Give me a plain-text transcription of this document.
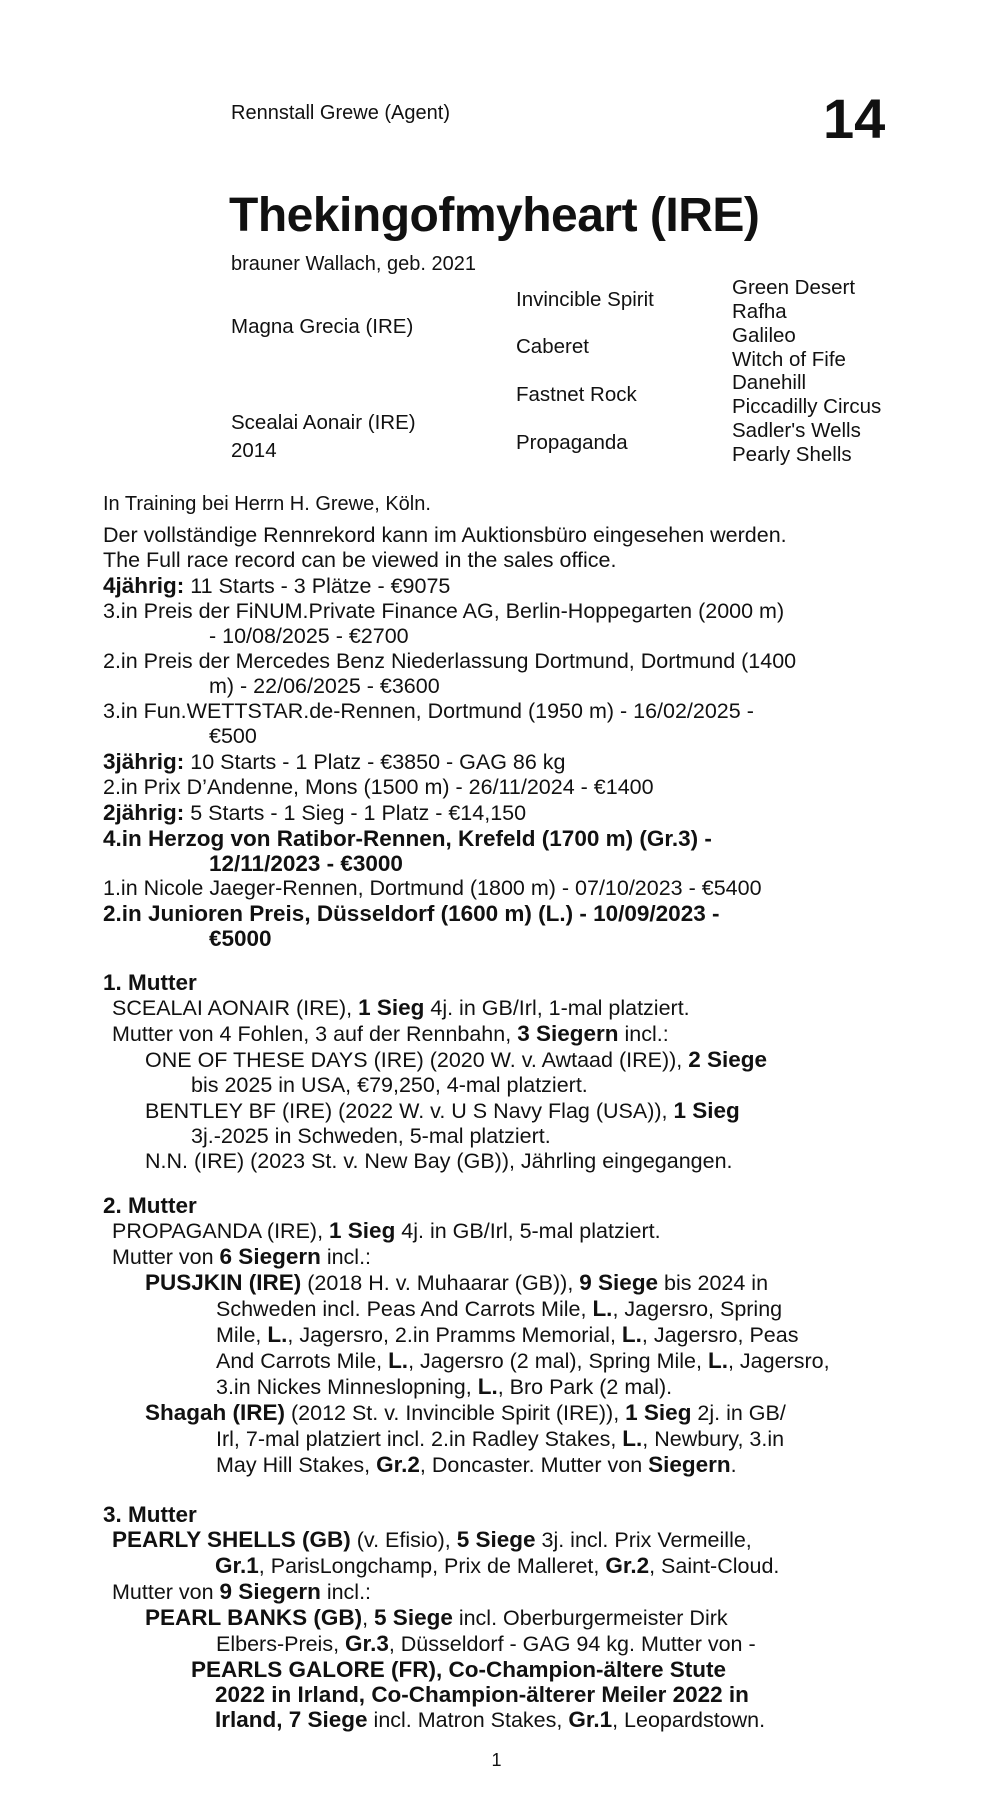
Rennstall Grewe (Agent)	14
Thekingofmyheart (IRE)
brauner Wallach, geb. 2021
Magna Grecia (IRE)
Scealai Aonair (IRE)
2014
Invincible Spirit
Caberet
Fastnet Rock
Propaganda
Green Desert
Rafha
Galileo
Witch of Fife
Danehill
Piccadilly Circus
Sadler's Wells
Pearly Shells
In Training bei Herrn H. Grewe, Köln.
Der vollständige Rennrekord kann im Auktionsbüro eingesehen werden.
The Full race record can be viewed in the sales office.
4jährig: 11 Starts - 3 Plätze - €9075
3.in Preis der FiNUM.Private Finance AG, Berlin-Hoppegarten (2000 m)
- 10/08/2025 - €2700
2.in Preis der Mercedes Benz Niederlassung Dortmund, Dortmund (1400
m) - 22/06/2025 - €3600
3.in Fun.WETTSTAR.de-Rennen, Dortmund (1950 m) - 16/02/2025 -
€500
3jährig: 10 Starts - 1 Platz - €3850 - GAG 86 kg
2.in Prix D’Andenne, Mons (1500 m) - 26/11/2024 - €1400
2jährig: 5 Starts - 1 Sieg - 1 Platz - €14,150
4.in Herzog von Ratibor-Rennen, Krefeld (1700 m) (Gr.3) -
12/11/2023 - €3000
1.in Nicole Jaeger-Rennen, Dortmund (1800 m) - 07/10/2023 - €5400
2.in Junioren Preis, Düsseldorf (1600 m) (L.) - 10/09/2023 -
€5000
1. Mutter
SCEALAI AONAIR (IRE), 1 Sieg 4j. in GB/Irl, 1-mal platziert.
Mutter von 4 Fohlen, 3 auf der Rennbahn, 3 Siegern incl.:
ONE OF THESE DAYS (IRE) (2020 W. v. Awtaad (IRE)), 2 Siege
bis 2025 in USA, €79,250, 4-mal platziert.
BENTLEY BF (IRE) (2022 W. v. U S Navy Flag (USA)), 1 Sieg
3j.-2025 in Schweden, 5-mal platziert.
N.N. (IRE) (2023 St. v. New Bay (GB)), Jährling eingegangen.
2. Mutter
PROPAGANDA (IRE), 1 Sieg 4j. in GB/Irl, 5-mal platziert.
Mutter von 6 Siegern incl.:
PUSJKIN (IRE) (2018 H. v. Muhaarar (GB)), 9 Siege bis 2024 in
Schweden incl. Peas And Carrots Mile, L., Jagersro, Spring
Mile, L., Jagersro, 2.in Pramms Memorial, L., Jagersro, Peas
And Carrots Mile, L., Jagersro (2 mal), Spring Mile, L., Jagersro,
3.in Nickes Minneslopning, L., Bro Park (2 mal).
Shagah (IRE) (2012 St. v. Invincible Spirit (IRE)), 1 Sieg 2j. in GB/
Irl, 7-mal platziert incl. 2.in Radley Stakes, L., Newbury, 3.in
May Hill Stakes, Gr.2, Doncaster. Mutter von Siegern.
3. Mutter
PEARLY SHELLS (GB) (v. Efisio), 5 Siege 3j. incl. Prix Vermeille,
Gr.1, ParisLongchamp, Prix de Malleret, Gr.2, Saint-Cloud.
Mutter von 9 Siegern incl.:
PEARL BANKS (GB), 5 Siege incl. Oberburgermeister Dirk
Elbers-Preis, Gr.3, Düsseldorf - GAG 94 kg. Mutter von -
PEARLS GALORE (FR), Co-Champion-ältere Stute
2022 in Irland, Co-Champion-älterer Meiler 2022 in
Irland, 7 Siege incl. Matron Stakes, Gr.1, Leopardstown.
1
